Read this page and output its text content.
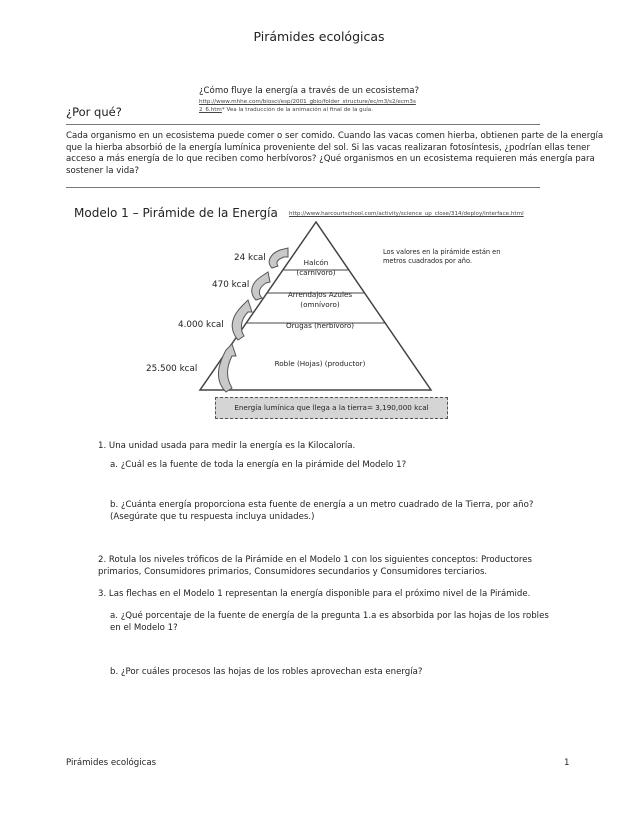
Pirámides ecológicas
¿Cómo fluye la energía a través de un ecosistema?
http://www.mhhe.com/biosci/esp/2001_gbio/folder_structure/ec/m3/s2/ecm3s
2_6.htm* Vea la traducción de la animación al final de la guía.
¿Por qué?
Cada organismo en un ecosistema puede comer o ser comido. Cuando las vacas comen hierba, obtienen parte de la energía que la hierba absorbió de la energía lumínica proveniente del sol. Si las vacas realizaran fotosíntesis, ¿podrían ellas tener acceso a más energía de lo que reciben como herbívoros? ¿Qué organismos en un ecosistema requieren más energía para sostener la vida?
Modelo 1 – Pirámide de la Energía http://www.harcourtschool.com/activity/science_up_close/314/deploy/interface.html
Halcón
(carnívoro)
Arrendajos Azules
(omnívoro)
Orugas (herbívoro)
Roble (Hojas) (productor)
24 kcal
470 kcal
4.000 kcal
25.500 kcal
Los valores en la pirámide están en metros cuadrados por año.
Energía lumínica que llega a la tierra= 3,190,000 kcal
1. Una unidad usada para medir la energía es la Kilocaloría.
a. ¿Cuál es la fuente de toda la energía en la pirámide del Modelo 1?
b. ¿Cuánta energía proporciona esta fuente de energía a un metro cuadrado de la Tierra, por año?
(Asegúrate que tu respuesta incluya unidades.)
2. Rotula los niveles tróficos de la Pirámide en el Modelo 1 con los siguientes conceptos: Productores
primarios, Consumidores primarios, Consumidores secundarios y Consumidores terciarios.
3. Las flechas en el Modelo 1 representan la energía disponible para el próximo nivel de la Pirámide.
a. ¿Qué porcentaje de la fuente de energía de la pregunta 1.a es absorbida por las hojas de los robles
en el Modelo 1?
b. ¿Por cuáles procesos las hojas de los robles aprovechan esta energía?
Pirámides ecológicas	1
